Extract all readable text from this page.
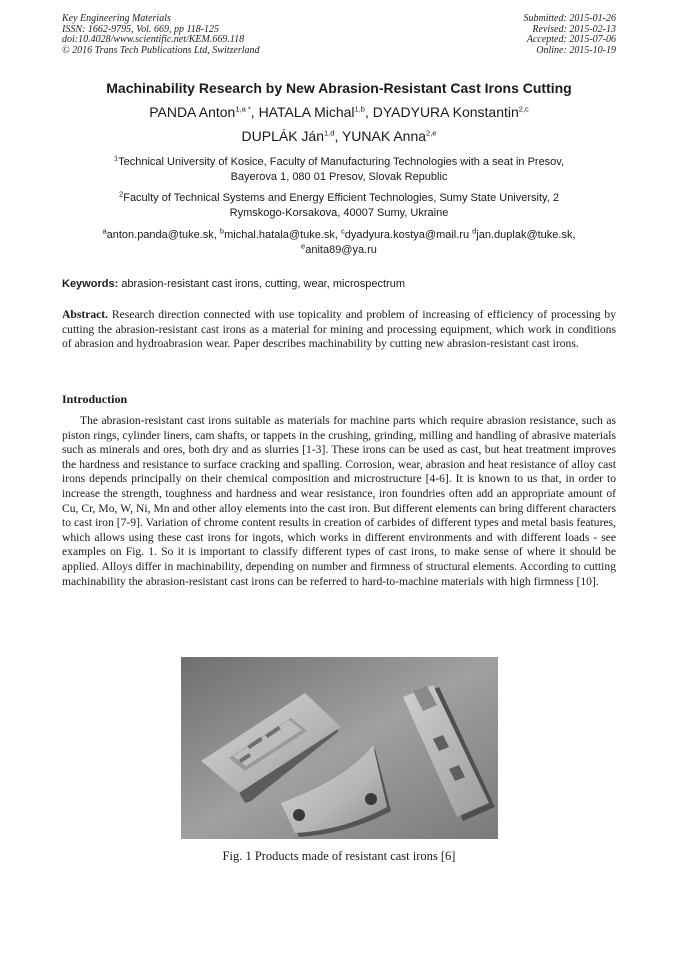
Key Engineering Materials
ISSN: 1662-9795, Vol. 669, pp 118-125
doi:10.4028/www.scientific.net/KEM.669.118
© 2016 Trans Tech Publications Ltd, Switzerland
Submitted: 2015-01-26
Revised: 2015-02-13
Accepted: 2015-07-06
Online: 2015-10-19
Machinability Research by New Abrasion-Resistant Cast Irons Cutting
PANDA Anton$^{1,a *}$, HATALA Michal$^{1,b}$, DYADYURA Konstantin$^{2,c}$
DUPLÁK Ján$^{1,d}$, YUNAK Anna$^{2,e}$
$^1$Technical University of Kosice, Faculty of Manufacturing Technologies with a seat in Presov,
Bayerova 1, 080 01 Presov, Slovak Republic
$^2$Faculty of Technical Systems and Energy Efficient Technologies, Sumy State University, 2
Rymskogo-Korsakova, 40007 Sumy, Ukraine
$^a$anton.panda@tuke.sk, $^b$michal.hatala@tuke.sk, $^c$dyadyura.kostya@mail.ru $^d$jan.duplak@tuke.sk,
$^e$anita89@ya.ru
Keywords: abrasion-resistant cast irons, cutting, wear, microspectrum
Abstract. Research direction connected with use topicality and problem of increasing of efficiency of processing by cutting the abrasion-resistant cast irons as a material for mining and processing equipment, which work in conditions of abrasion and hydroabrasion wear. Paper describes machinability by cutting new abrasion-resistant cast irons.
Introduction
The abrasion-resistant cast irons suitable as materials for machine parts which require abrasion resistance, such as piston rings, cylinder liners, cam shafts, or tappets in the crushing, grinding, milling and handling of abrasive materials such as minerals and ores, both dry and as slurries [1-3]. These irons can be used as cast, but heat treatment improves the hardness and resistance to surface cracking and spalling. Corrosion, wear, abrasion and heat resistance of alloy cast irons depends principally on their chemical composition and microstructure [4-6]. It is known to us that, in order to increase the strength, toughness and hardness and wear resistance, iron foundries often add an appropriate amount of Cu, Cr, Mo, W, Ni, Mn and other alloy elements into the cast iron. But different elements can bring different characters to cast iron [7-9]. Variation of chrome content results in creation of carbides of different types and metal basis features, which allows using these cast irons for ingots, which works in different environments and with different loads - see examples on Fig. 1. So it is important to classify different types of cast irons, to make sense of where it should be applied. Alloys differ in machinability, depending on number and firmness of structural elements. According to cutting machinability the abrasion-resistant cast irons can be referred to hard-to-machine materials with high firmness [10].
Fig. 1 Products made of resistant cast irons [6]
